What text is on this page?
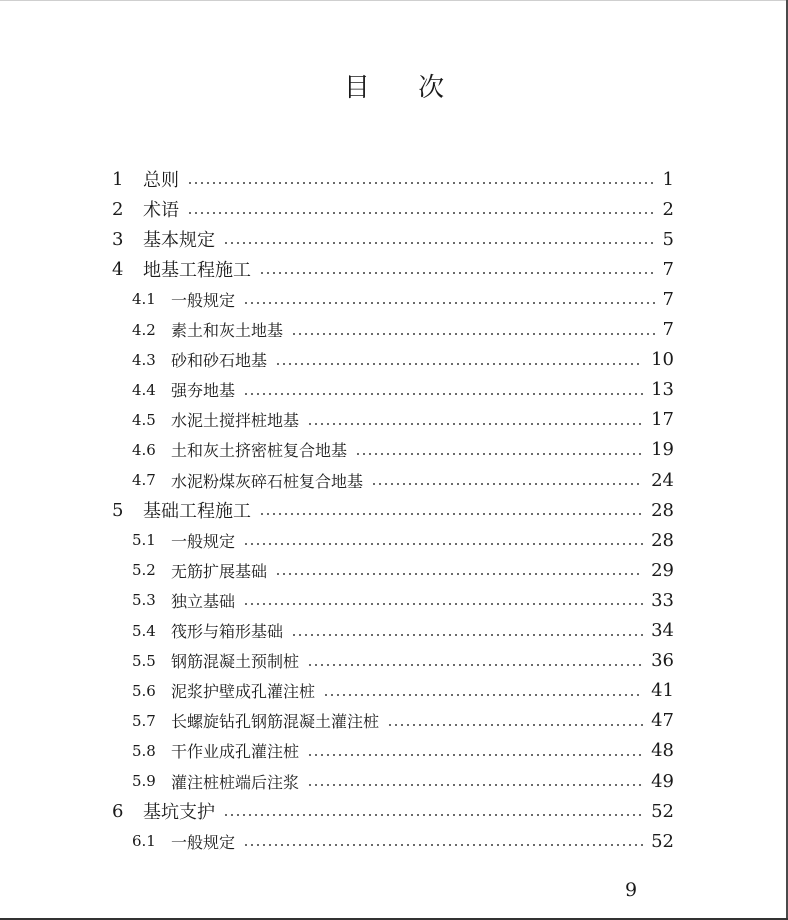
目 次
1	总则	1
2	术语	2
3	基本规定	5
4	地基工程施工	7
4.1 一般规定	7
4.2 素土和灰土地基	7
4.3 砂和砂石地基	10
4.4 强夯地基	13
4.5 水泥土搅拌桩地基	17
4.6 土和灰土挤密桩复合地基	19
4.7 水泥粉煤灰碎石桩复合地基	24
5	基础工程施工	28
5.1 一般规定	28
5.2 无筋扩展基础	29
5.3 独立基础	33
5.4 筏形与箱形基础	34
5.5 钢筋混凝土预制桩	36
5.6 泥浆护壁成孔灌注桩	41
5.7 长螺旋钻孔钢筋混凝土灌注桩	47
5.8 干作业成孔灌注桩	48
5.9 灌注桩桩端后注浆	49
6	基坑支护	52
6.1 一般规定	52
9
